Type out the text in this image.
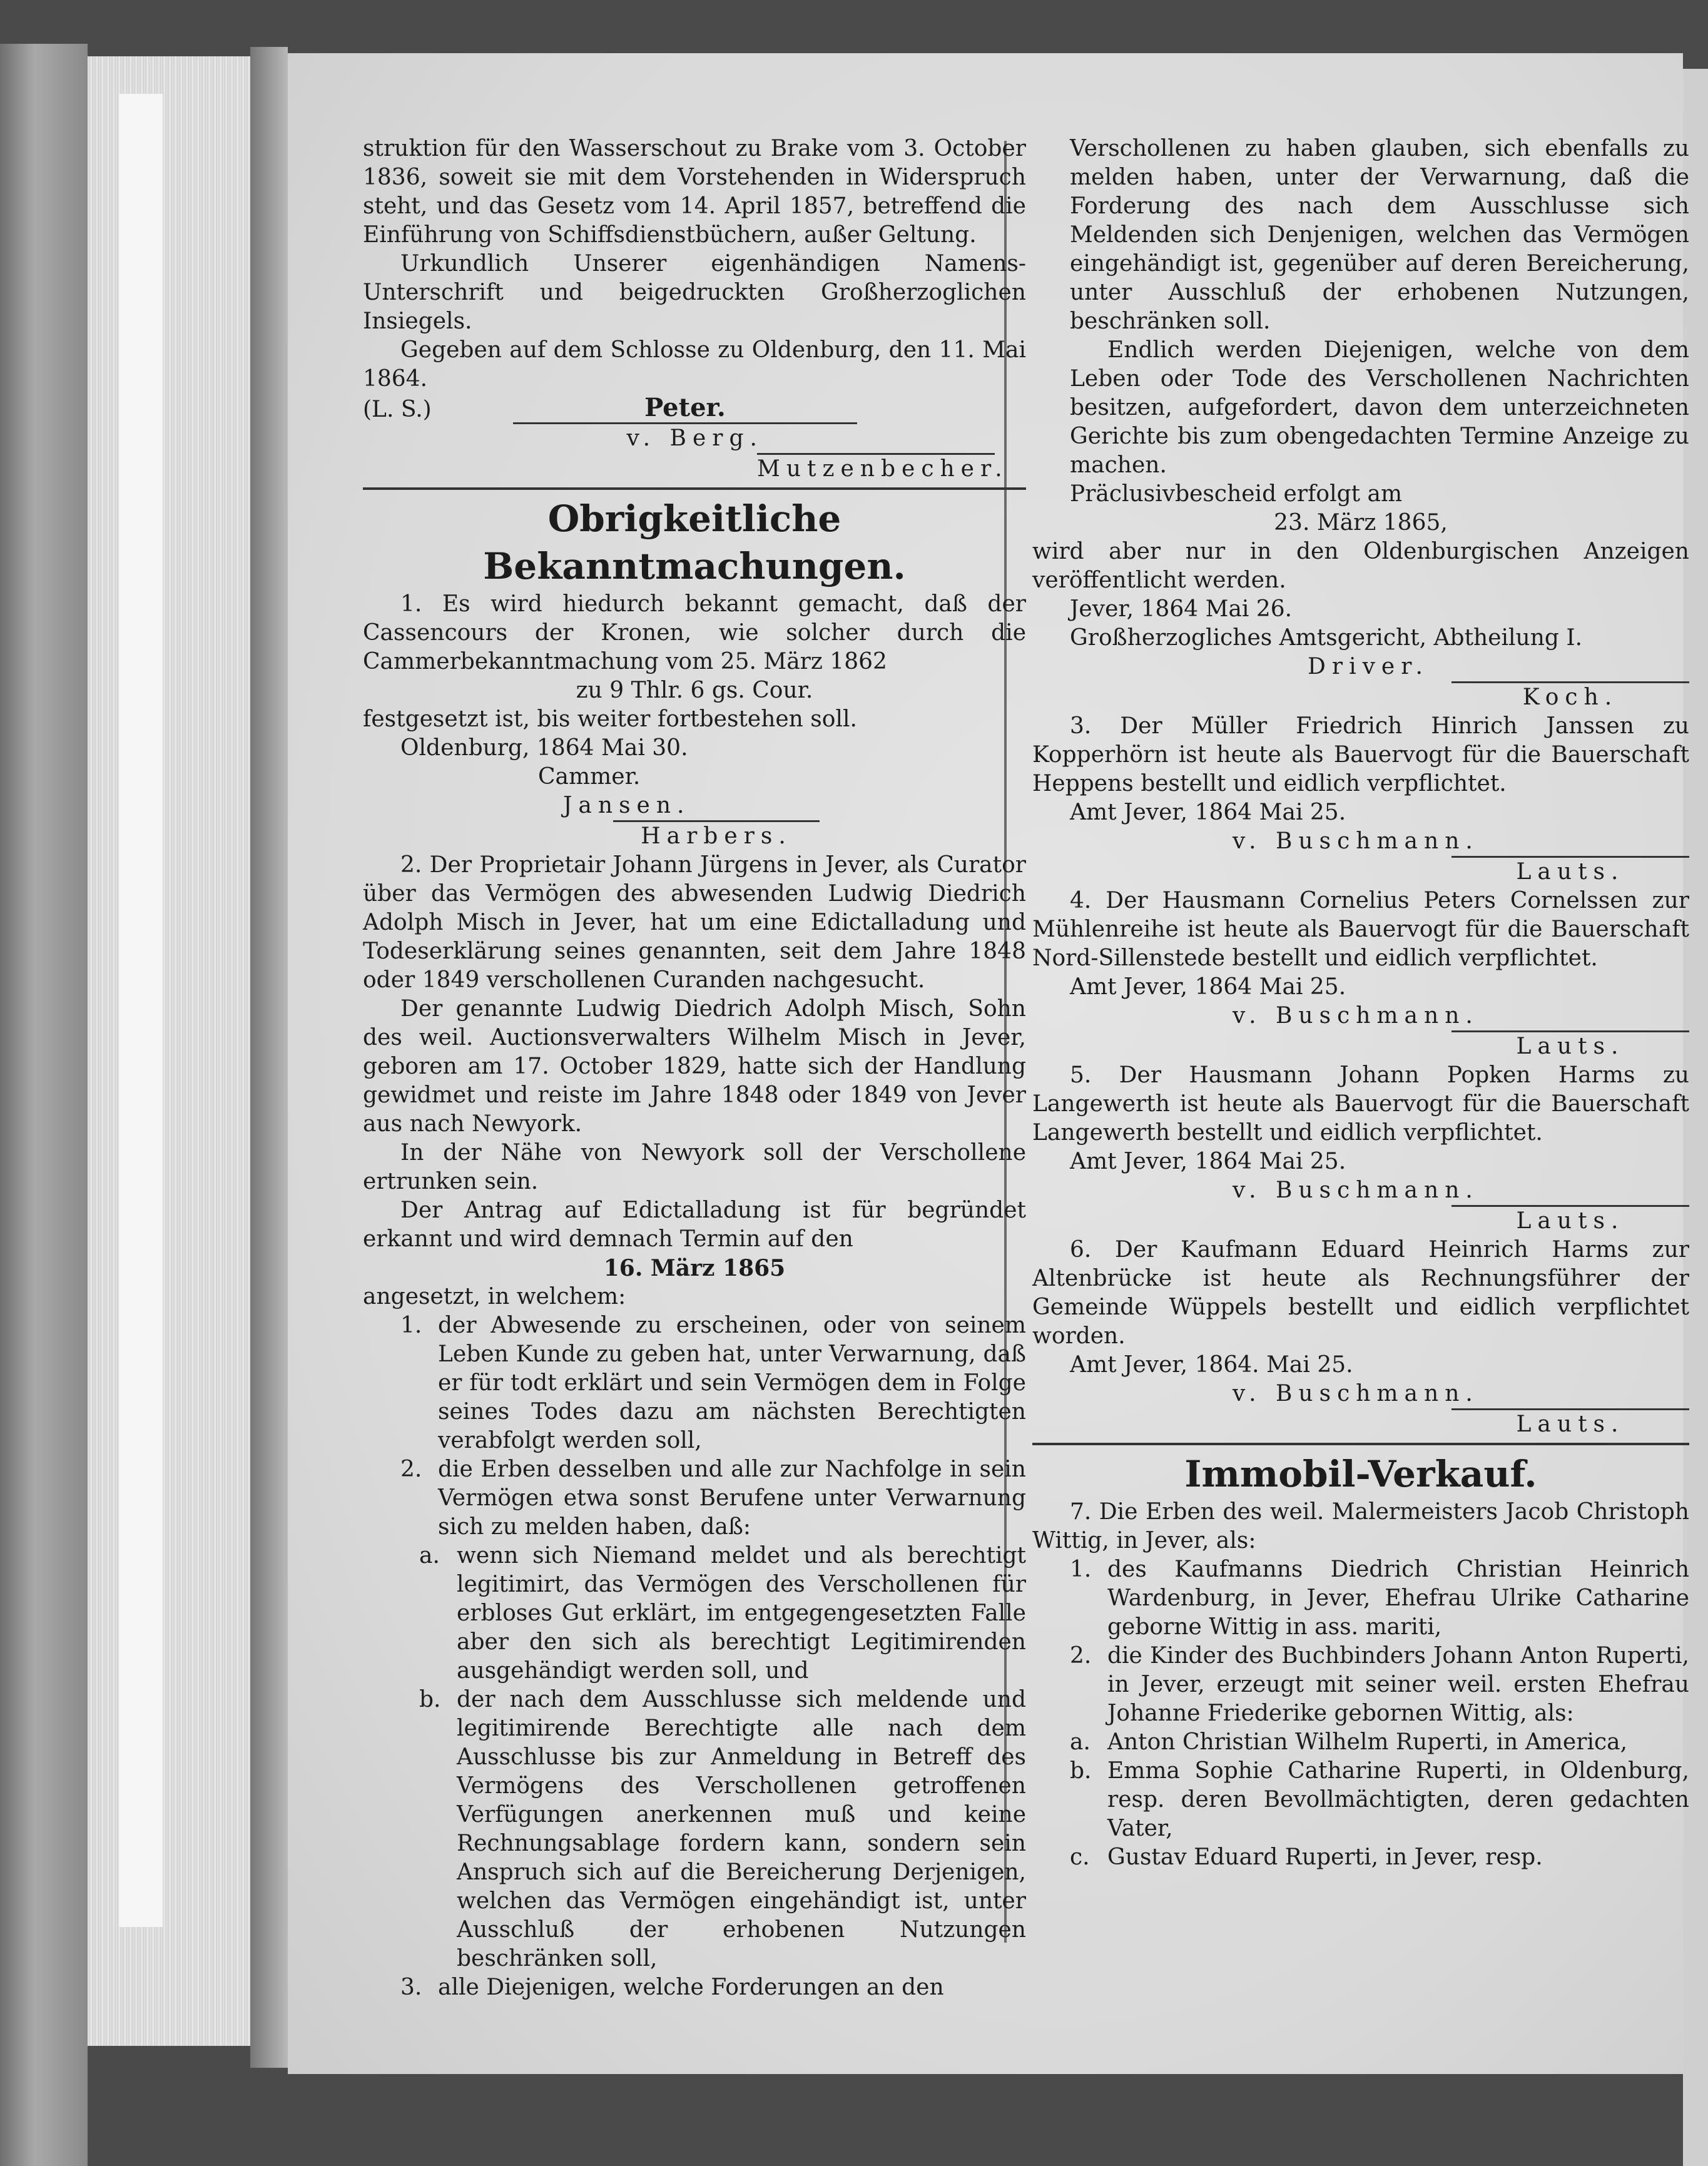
struktion für den Wasserschout zu Brake vom 3. October 1836, soweit sie mit dem Vorstehenden in Widerspruch steht, und das Gesetz vom 14. April 1857, betreffend die Einführung von Schiffsdienstbüchern, außer Geltung.

Urkundlich Unserer eigenhändigen Namens-Unterschrift und beigedruckten Großherzoglichen Insiegels.

Gegeben auf dem Schlosse zu Oldenburg, den 11. Mai 1864.

(L. S.)	Peter.
v. Berg.
Mutzenbecher.
Obrigkeitliche Bekanntmachungen.

1. Es wird hiedurch bekannt gemacht, daß der Cassencours der Kronen, wie solcher durch die Cammerbekanntmachung vom 25. März 1862

zu 9 Thlr. 6 gs. Cour.

festgesetzt ist, bis weiter fortbestehen soll.

Oldenburg, 1864 Mai 30.

Cammer.

Jansen.

Harbers.

2. Der Proprietair Johann Jürgens in Jever, als Curator über das Vermögen des abwesenden Ludwig Diedrich Adolph Misch in Jever, hat um eine Edictalladung und Todeserklärung seines genannten, seit dem Jahre 1848 oder 1849 verschollenen Curanden nachgesucht.

Der genannte Ludwig Diedrich Adolph Misch, Sohn des weil. Auctionsverwalters Wilhelm Misch in Jever, geboren am 17. October 1829, hatte sich der Handlung gewidmet und reiste im Jahre 1848 oder 1849 von Jever aus nach Newyork.

In der Nähe von Newyork soll der Verschollene ertrunken sein.

Der Antrag auf Edictalladung ist für begründet erkannt und wird demnach Termin auf den

16. März 1865

angesetzt, in welchem:

1. der Abwesende zu erscheinen, oder von seinem Leben Kunde zu geben hat, unter Verwarnung, daß er für todt erklärt und sein Vermögen dem in Folge seines Todes dazu am nächsten Berechtigten verabfolgt werden soll,
2. die Erben desselben und alle zur Nachfolge in sein Vermögen etwa sonst Berufene unter Verwarnung sich zu melden haben, daß:
a. wenn sich Niemand meldet und als berechtigt legitimirt, das Vermögen des Verschollenen für erbloses Gut erklärt, im entgegengesetzten Falle aber den sich als berechtigt Legitimirenden ausgehändigt werden soll, und
b. der nach dem Ausschlusse sich meldende und legitimirende Berechtigte alle nach dem Ausschlusse bis zur Anmeldung in Betreff des Vermögens des Verschollenen getroffenen Verfügungen anerkennen muß und keine Rechnungsablage fordern kann, sondern sein Anspruch sich auf die Bereicherung Derjenigen, welchen das Vermögen eingehändigt ist, unter Ausschluß der erhobenen Nutzungen beschränken soll,
3. alle Diejenigen, welche Forderungen an den

Verschollenen zu haben glauben, sich ebenfalls zu melden haben, unter der Verwarnung, daß die Forderung des nach dem Ausschlusse sich Meldenden sich Denjenigen, welchen das Vermögen eingehändigt ist, gegenüber auf deren Bereicherung, unter Ausschluß der erhobenen Nutzungen, beschränken soll.

Endlich werden Diejenigen, welche von dem Leben oder Tode des Verschollenen Nachrichten besitzen, aufgefordert, davon dem unterzeichneten Gerichte bis zum obengedachten Termine Anzeige zu machen.

Präclusivbescheid erfolgt am

23. März 1865,

wird aber nur in den Oldenburgischen Anzeigen veröffentlicht werden.

Jever, 1864 Mai 26.

Großherzogliches Amtsgericht, Abtheilung I.

Driver.

Koch.

3. Der Müller Friedrich Hinrich Janssen zu Kopperhörn ist heute als Bauervogt für die Bauerschaft Heppens bestellt und eidlich verpflichtet.

Amt Jever, 1864 Mai 25.

v. Buschmann.

Lauts.

4. Der Hausmann Cornelius Peters Cornelssen zur Mühlenreihe ist heute als Bauervogt für die Bauerschaft Nord-Sillenstede bestellt und eidlich verpflichtet.

Amt Jever, 1864 Mai 25.

v. Buschmann.

Lauts.

5. Der Hausmann Johann Popken Harms zu Langewerth ist heute als Bauervogt für die Bauerschaft Langewerth bestellt und eidlich verpflichtet.

Amt Jever, 1864 Mai 25.

v. Buschmann.

Lauts.

6. Der Kaufmann Eduard Heinrich Harms zur Altenbrücke ist heute als Rechnungsführer der Gemeinde Wüppels bestellt und eidlich verpflichtet worden.

Amt Jever, 1864. Mai 25.

v. Buschmann.

Lauts.
Immobil-Verkauf.

7. Die Erben des weil. Malermeisters Jacob Christoph Wittig, in Jever, als:

1. des Kaufmanns Diedrich Christian Heinrich Wardenburg, in Jever, Ehefrau Ulrike Catharine geborne Wittig in ass. mariti,
2. die Kinder des Buchbinders Johann Anton Ruperti, in Jever, erzeugt mit seiner weil. ersten Ehefrau Johanne Friederike gebornen Wittig, als:
a. Anton Christian Wilhelm Ruperti, in America,
b. Emma Sophie Catharine Ruperti, in Oldenburg, resp. deren Bevollmächtigten, deren gedachten Vater,
c. Gustav Eduard Ruperti, in Jever, resp.
